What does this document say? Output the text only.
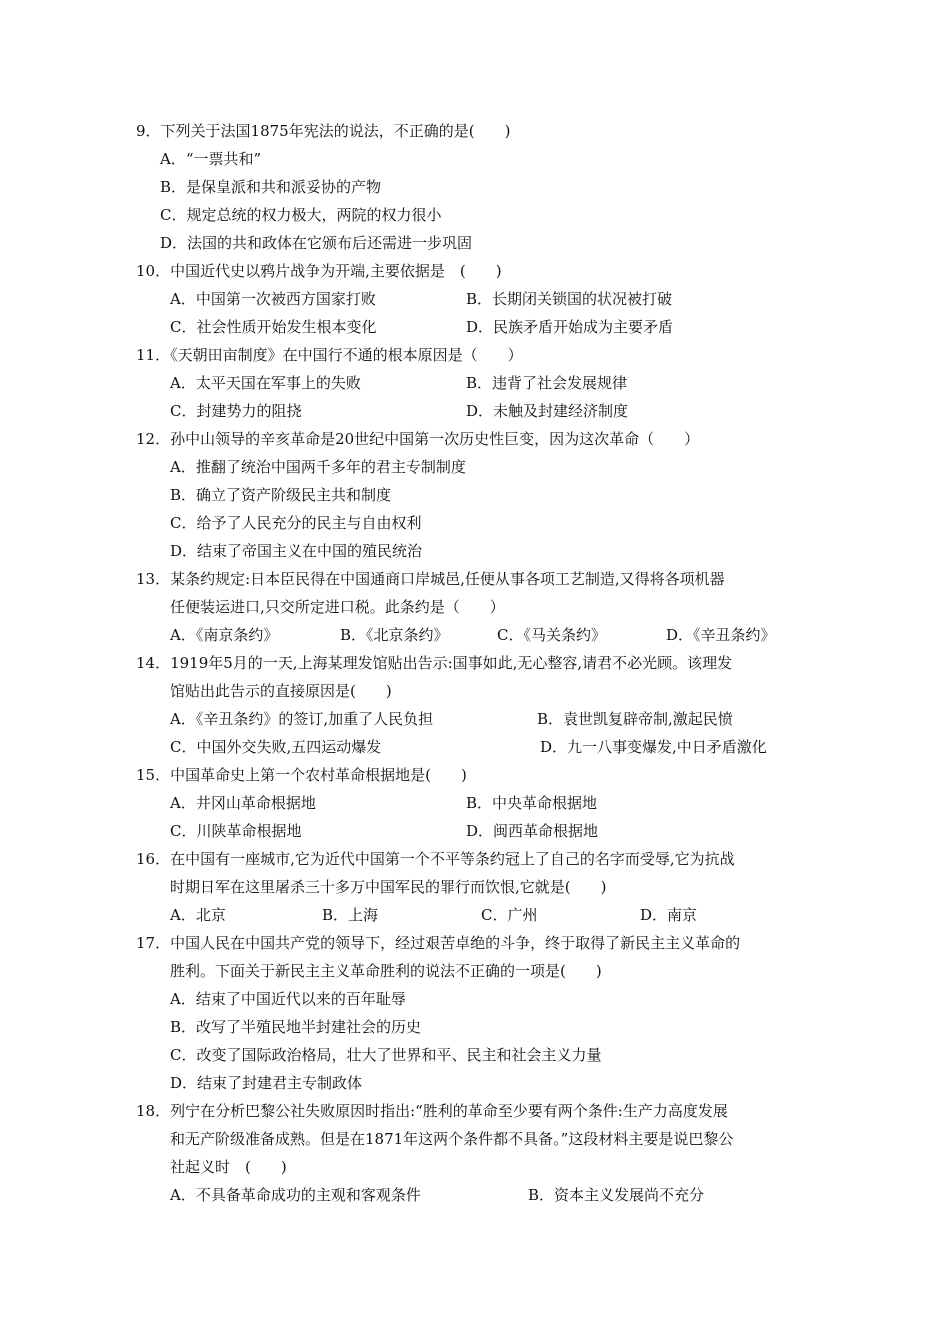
9．下列关于法国1875年宪法的说法，不正确的是(　　)
A．“一票共和”
B．是保皇派和共和派妥协的产物
C．规定总统的权力极大，两院的权力很小
D．法国的共和政体在它颁布后还需进一步巩固
10．中国近代史以鸦片战争为开端,主要依据是　(　　)
A．中国第一次被西方国家打败	B．长期闭关锁国的状况被打破
C．社会性质开始发生根本变化	D．民族矛盾开始成为主要矛盾
11．《天朝田亩制度》在中国行不通的根本原因是（　　）
A．太平天国在军事上的失败	B．违背了社会发展规律
C．封建势力的阻挠	D．未触及封建经济制度
12．孙中山领导的辛亥革命是20世纪中国第一次历史性巨变，因为这次革命（　　）
A．推翻了统治中国两千多年的君主专制制度
B．确立了资产阶级民主共和制度
C．给予了人民充分的民主与自由权利
D．结束了帝国主义在中国的殖民统治
13．某条约规定:日本臣民得在中国通商口岸城邑,任便从事各项工艺制造,又得将各项机器
任便装运进口,只交所定进口税。此条约是（　　）
A．《南京条约》	B．《北京条约》	C．《马关条约》	D．《辛丑条约》
14．1919年5月的一天,上海某理发馆贴出告示:国事如此,无心整容,请君不必光顾。该理发
馆贴出此告示的直接原因是(　　)
A．《辛丑条约》的签订,加重了人民负担	B．袁世凯复辟帝制,激起民愤
C．中国外交失败,五四运动爆发	D．九一八事变爆发,中日矛盾激化
15．中国革命史上第一个农村革命根据地是(　　)
A．井冈山革命根据地	B．中央革命根据地
C．川陕革命根据地	D．闽西革命根据地
16．在中国有一座城市,它为近代中国第一个不平等条约冠上了自己的名字而受辱,它为抗战
时期日军在这里屠杀三十多万中国军民的罪行而饮恨,它就是(　　)
A．北京	B．上海	C．广州	D．南京
17．中国人民在中国共产党的领导下，经过艰苦卓绝的斗争，终于取得了新民主主义革命的
胜利。下面关于新民主主义革命胜利的说法不正确的一项是(　　)
A．结束了中国近代以来的百年耻辱
B．改写了半殖民地半封建社会的历史
C．改变了国际政治格局，壮大了世界和平、民主和社会主义力量
D．结束了封建君主专制政体
18．列宁在分析巴黎公社失败原因时指出:“胜利的革命至少要有两个条件:生产力高度发展
和无产阶级准备成熟。但是在1871年这两个条件都不具备。”这段材料主要是说巴黎公
社起义时　(　　)
A．不具备革命成功的主观和客观条件	B．资本主义发展尚不充分
